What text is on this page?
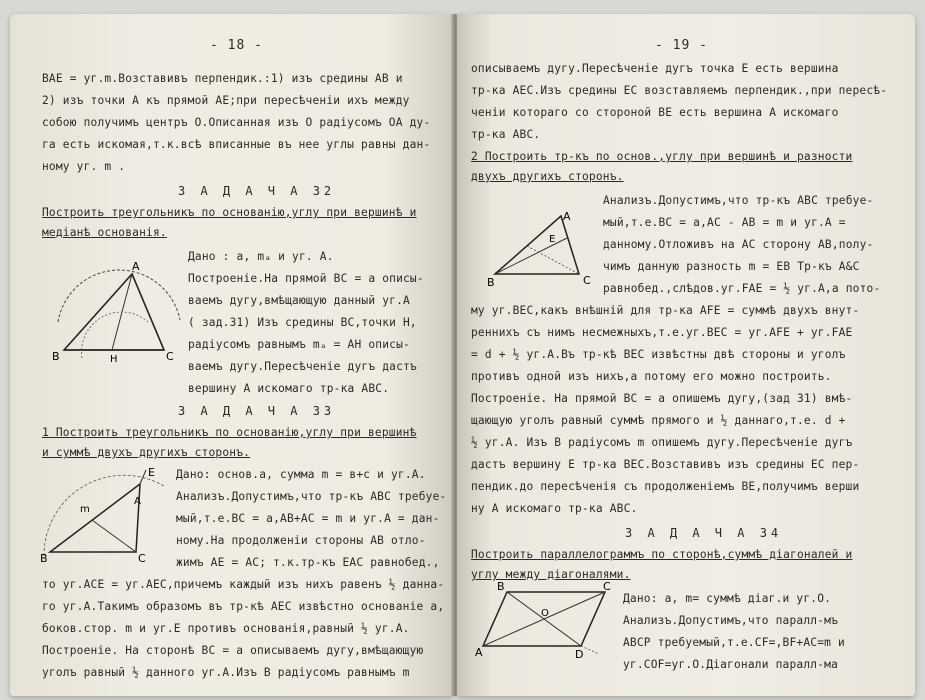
- 18 -
ВАЕ = уг.m.Возставивъ перпендик.:1) изъ средины АВ и
2) изъ точки А къ прямой АЕ;при пересѣченіи ихъ между
собою получимъ центръ О.Описанная изъ О радіусомъ ОА ду-
га есть искомая,т.к.всѣ вписанные въ нее углы равны дан-
ному уг. m .
З А Д А Ч А 32
Построить треугольникъ по основанію,углу при вершинѣ и
медіанѣ основанія.
Дано : a, mₐ и уг. А.
Построеніе.На прямой ВС = a описы-
ваемъ дугу,вмѣщающую данный уг.А
( зад.31) Изъ средины ВС,точки Н,
радіусомъ равнымъ mₐ = АН описы-
ваемъ дугу.Пересѣченіе дугъ дастъ
вершину А искомаго тр-ка АВС.
A
B	C
H
З А Д А Ч А 33
1 Построить треугольникъ по основанію,углу при вершинѣ
и суммѣ двухъ другихъ сторонъ.
Дано: основ.a, сумма m = в+с и уг.А.
Анализъ.Допустимъ,что тр-къ АВС требуе-
мый,т.е.ВС = a,АВ+АС = m и уг.А = дан-
ному.На продолженіи стороны АВ отло-
жимъ АЕ = АС; т.к.тр-къ ЕАС равнобед.,
E
A
B	C
m
то уг.АСЕ = уг.АЕС,причемъ каждый изъ нихъ равенъ ½ данна-
го уг.А.Такимъ образомъ въ тр-кѣ АЕС извѣстно основаніе а,
боков.стор. m и уг.Е противъ основанія,равный ½ уг.А.
Построеніе. На сторонѣ ВС = a описываемъ дугу,вмѣщающую
уголъ равный ½ данного уг.А.Изъ В радіусомъ равнымъ m
- 19 -
описываемъ дугу.Пересѣченіе дугъ точка Е есть вершина
тр-ка АЕС.Изъ средины ЕС возставляемъ перпендик.,при пересѣ-
ченіи котораго со стороной ВЕ есть вершина А искомаго
тр-ка АВС.
2 Построить тр-къ по основ.,углу при вершинѣ и разности
двухъ другихъ сторонъ.
A
B	C
E
Анализъ.Допустимъ,что тр-къ АВС требуе-
мый,т.е.ВС = a,АС - АВ = m и уг.А =
данному.Отложивъ на АС сторону АВ,полу-
чимъ данную разность m = ЕВ Тр-къ А&С
равнобед.,слѣдов.уг.FАЕ = ½ уг.А,а пото-
му уг.ВЕС,какъ внѣшній для тр-ка АFЕ = суммѣ двухъ внут-
реннихъ съ нимъ несмежныхъ,т.е.уг.ВЕС = уг.АFЕ + уг.FАЕ
= d + ½ уг.А.Въ тр-кѣ ВЕС извѣстны двѣ стороны и уголъ
противъ одной изъ нихъ,а потому его можно построить.
Построеніе. На прямой ВС = a опишемъ дугу,(зад 31) вмѣ-
щающую уголъ равный суммѣ прямого и ½ даннаго,т.е. d +
½ уг.А. Изъ В радіусомъ m опишемъ дугу.Пересѣченіе дугъ
дастъ вершину Е тр-ка ВЕС.Возставивъ изъ средины ЕС пер-
пендик.до пересѣченія съ продолженіемъ ВЕ,получимъ верши
ну А искомаго тр-ка АВС.
З А Д А Ч А 34
Построить параллелограммъ по сторонѣ,суммѣ діагоналей и
углу между діагоналями.
B	C
A	D
O
Дано: a, m= суммѣ діаг.и уг.О.
Анализъ.Допустимъ,что паралл-мъ
АВСР требуемый,т.е.СF=,ВF+АС=m и
уг.СОF=уг.О.Діагонали паралл-ма
